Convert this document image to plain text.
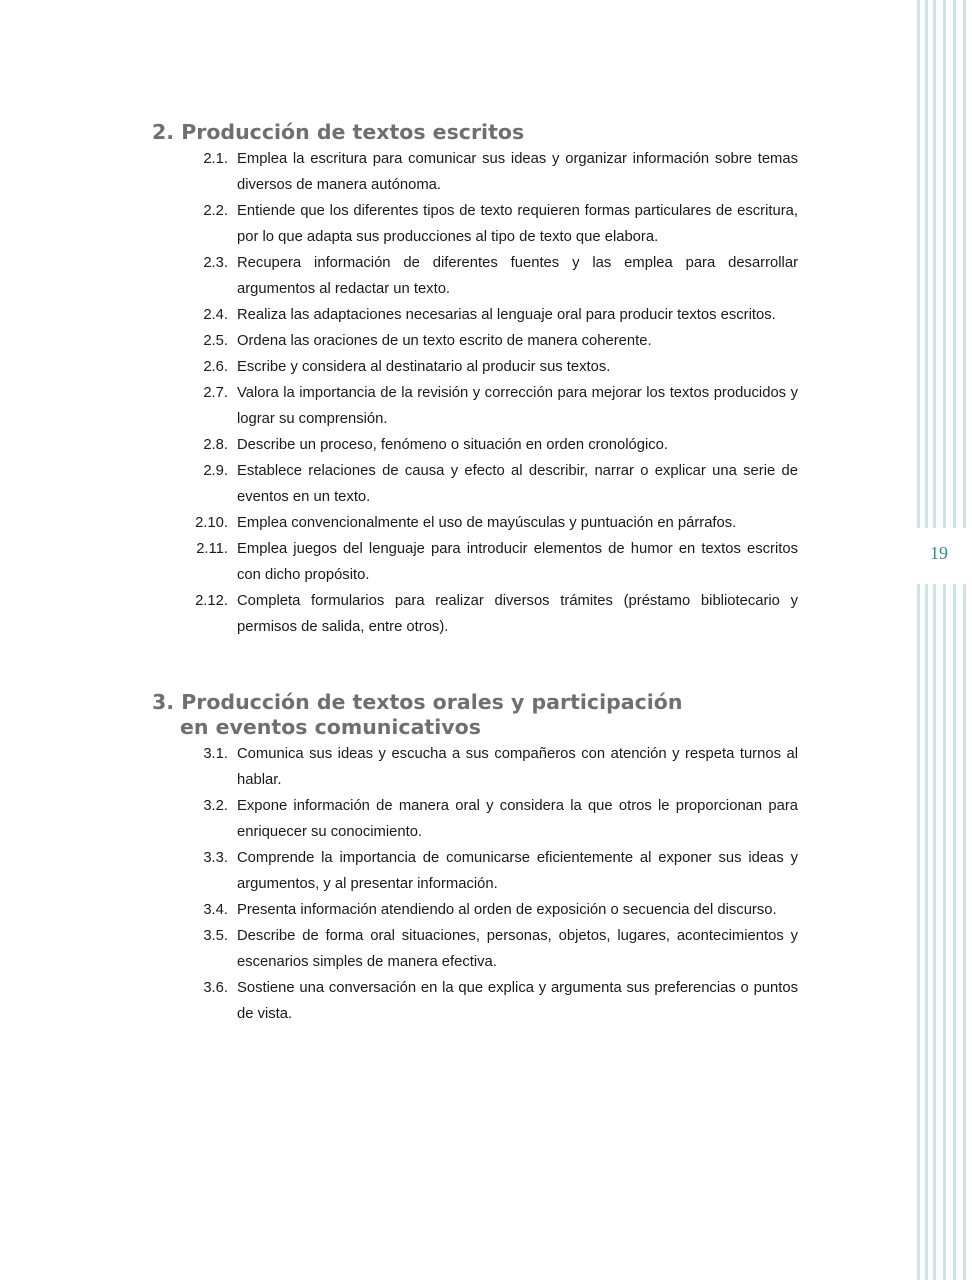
19
2. Producción de textos escritos
2.1. Emplea la escritura para comunicar sus ideas y organizar información sobre temas diversos de manera autónoma.
2.2. Entiende que los diferentes tipos de texto requieren formas particulares de escritura, por lo que adapta sus producciones al tipo de texto que elabora.
2.3. Recupera información de diferentes fuentes y las emplea para desarrollar argumentos al redactar un texto.
2.4. Realiza las adaptaciones necesarias al lenguaje oral para producir textos escritos.
2.5. Ordena las oraciones de un texto escrito de manera coherente.
2.6. Escribe y considera al destinatario al producir sus textos.
2.7. Valora la importancia de la revisión y corrección para mejorar los textos producidos y lograr su comprensión.
2.8. Describe un proceso, fenómeno o situación en orden cronológico.
2.9. Establece relaciones de causa y efecto al describir, narrar o explicar una serie de eventos en un texto.
2.10. Emplea convencionalmente el uso de mayúsculas y puntuación en párrafos.
2.11. Emplea juegos del lenguaje para introducir elementos de humor en textos escritos con dicho propósito.
2.12. Completa formularios para realizar diversos trámites (préstamo bibliotecario y permisos de salida, entre otros).
3. Producción de textos orales y participación
en eventos comunicativos
3.1. Comunica sus ideas y escucha a sus compañeros con atención y respeta turnos al hablar.
3.2. Expone información de manera oral y considera la que otros le proporcionan para enriquecer su conocimiento.
3.3. Comprende la importancia de comunicarse eficientemente al exponer sus ideas y argumentos, y al presentar información.
3.4. Presenta información atendiendo al orden de exposición o secuencia del discurso.
3.5. Describe de forma oral situaciones, personas, objetos, lugares, acontecimientos y escenarios simples de manera efectiva.
3.6. Sostiene una conversación en la que explica y argumenta sus preferencias o puntos de vista.
